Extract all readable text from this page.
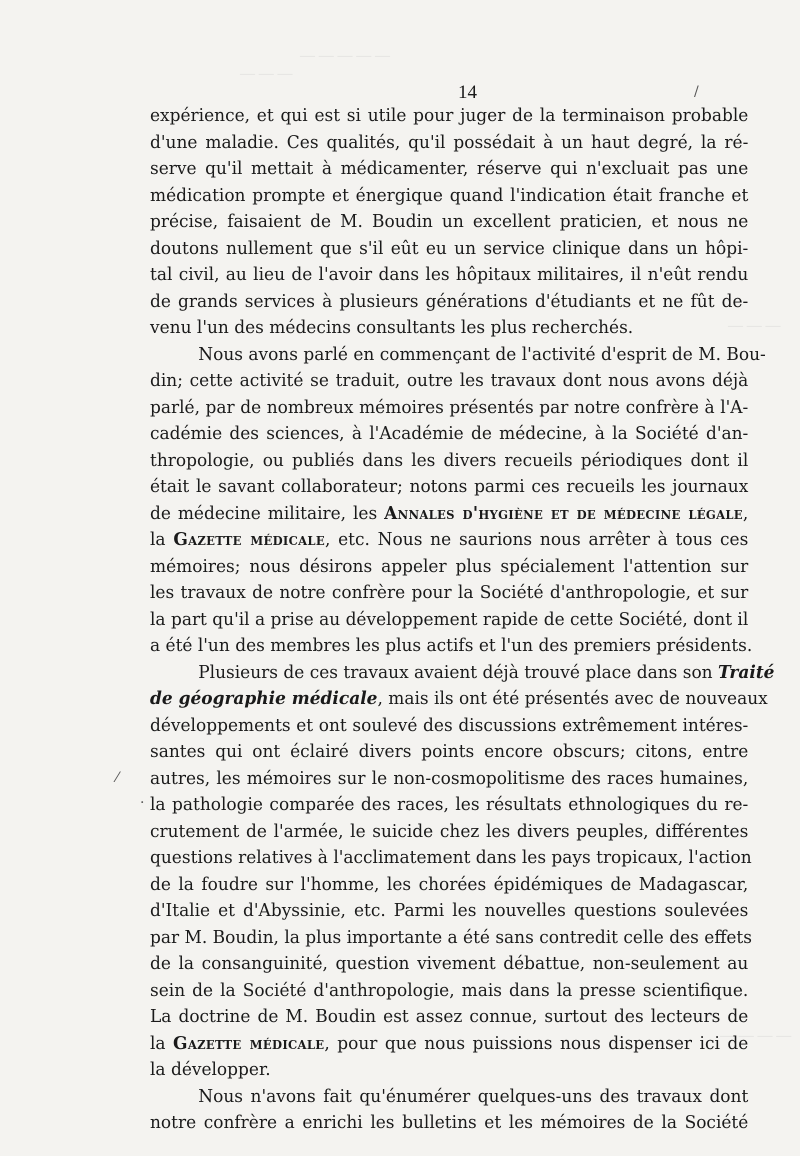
— — — — —
— — —
— — —
— — — —
14	/
⁄
·
expérience, et qui est si utile pour juger de la terminaison probable
d'une maladie. Ces qualités, qu'il possédait à un haut degré, la ré-
serve qu'il mettait à médicamenter, réserve qui n'excluait pas une
médication prompte et énergique quand l'indication était franche et
précise, faisaient de M. Boudin un excellent praticien, et nous ne
doutons nullement que s'il eût eu un service clinique dans un hôpi-
tal civil, au lieu de l'avoir dans les hôpitaux militaires, il n'eût rendu
de grands services à plusieurs générations d'étudiants et ne fût de-
venu l'un des médecins consultants les plus recherchés.
Nous avons parlé en commençant de l'activité d'esprit de M. Bou-
din; cette activité se traduit, outre les travaux dont nous avons déjà
parlé, par de nombreux mémoires présentés par notre confrère à l'A-
cadémie des sciences, à l'Académie de médecine, à la Société d'an-
thropologie, ou publiés dans les divers recueils périodiques dont il
était le savant collaborateur; notons parmi ces recueils les journaux
de médecine militaire, les Annales d'hygiène et de médecine légale,
la Gazette médicale, etc. Nous ne saurions nous arrêter à tous ces
mémoires; nous désirons appeler plus spécialement l'attention sur
les travaux de notre confrère pour la Société d'anthropologie, et sur
la part qu'il a prise au développement rapide de cette Société, dont il
a été l'un des membres les plus actifs et l'un des premiers présidents.
Plusieurs de ces travaux avaient déjà trouvé place dans son Traité
de géographie médicale, mais ils ont été présentés avec de nouveaux
développements et ont soulevé des discussions extrêmement intéres-
santes qui ont éclairé divers points encore obscurs; citons, entre
autres, les mémoires sur le non-cosmopolitisme des races humaines,
la pathologie comparée des races, les résultats ethnologiques du re-
crutement de l'armée, le suicide chez les divers peuples, différentes
questions relatives à l'acclimatement dans les pays tropicaux, l'action
de la foudre sur l'homme, les chorées épidémiques de Madagascar,
d'Italie et d'Abyssinie, etc. Parmi les nouvelles questions soulevées
par M. Boudin, la plus importante a été sans contredit celle des effets
de la consanguinité, question vivement débattue, non-seulement au
sein de la Société d'anthropologie, mais dans la presse scientifique.
La doctrine de M. Boudin est assez connue, surtout des lecteurs de
la Gazette médicale, pour que nous puissions nous dispenser ici de
la développer.
Nous n'avons fait qu'énumérer quelques-uns des travaux dont
notre confrère a enrichi les bulletins et les mémoires de la Société
